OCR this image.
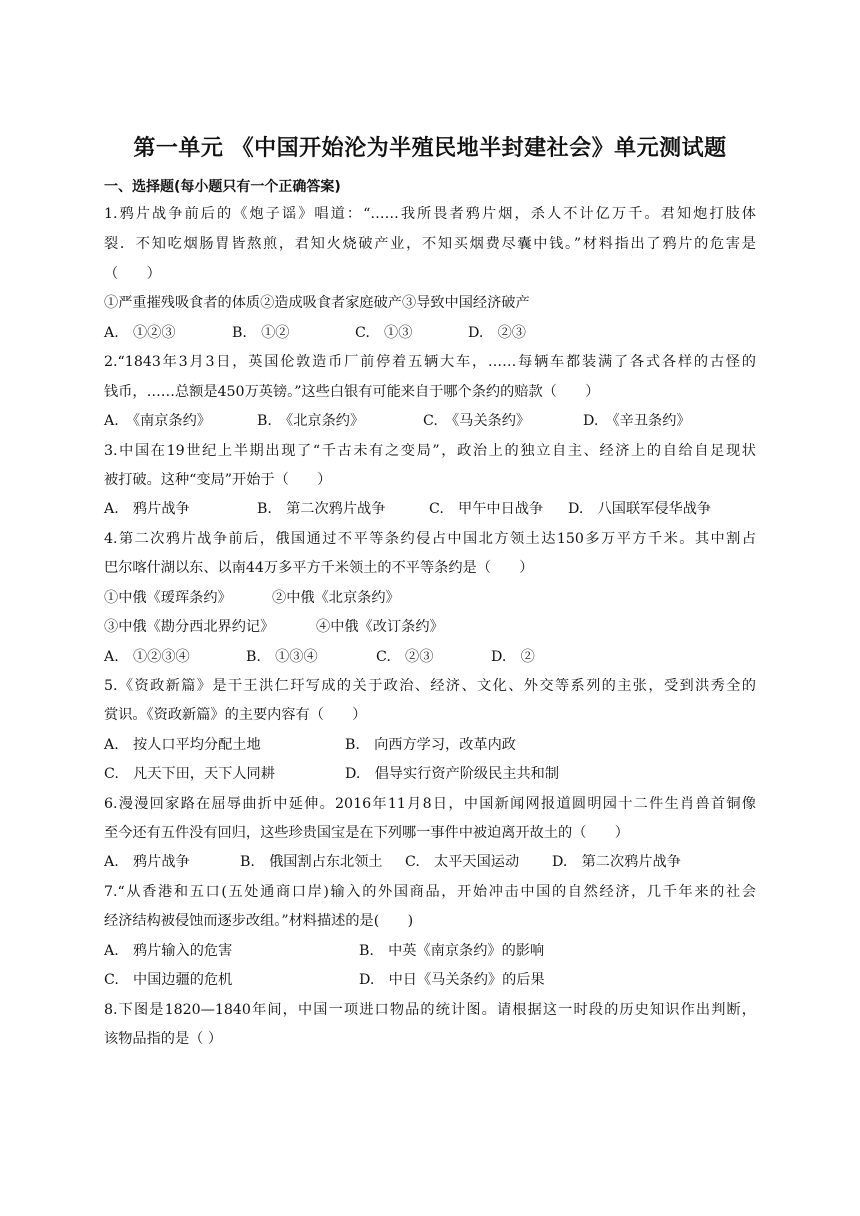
第一单元 《中国开始沦为半殖民地半封建社会》单元测试题
一、选择题(每小题只有一个正确答案)
1.鸦片战争前后的《炮子谣》唱道：“……我所畏者鸦片烟，杀人不计亿万千。君知炮打肢体
裂．不知吃烟肠胃皆熬煎，君知火烧破产业，不知买烟费尽囊中钱。”材料指出了鸦片的危害是
（　　）
①严重摧残吸食者的体质②造成吸食者家庭破产③导致中国经济破产
A.　①②③	B.　①②	C.　①③	D.　②③
2.“1843年3月3日，英国伦敦造币厂前停着五辆大车，……每辆车都装满了各式各样的古怪的
钱币，……总额是450万英镑。”这些白银有可能来自于哪个条约的赔款（　　）
A.　《南京条约》	B.　《北京条约》	C.　《马关条约》	D.　《辛丑条约》
3.中国在19世纪上半期出现了“千古未有之变局”，政治上的独立自主、经济上的自给自足现状
被打破。这种“变局”开始于（　　）
A.　鸦片战争	B.　第二次鸦片战争	C.　甲午中日战争 D.　八国联军侵华战争
4.第二次鸦片战争前后，俄国通过不平等条约侵占中国北方领土达150多万平方千米。其中割占
巴尔喀什湖以东、以南44万多平方千米领土的不平等条约是（　　）
①中俄《瑷珲条约》	②中俄《北京条约》
③中俄《勘分西北界约记》	④中俄《改订条约》
A.　①②③④	B.　①③④	C.　②③	D.　②
5.《资政新篇》是干王洪仁玕写成的关于政治、经济、文化、外交等系列的主张，受到洪秀全的
赏识。《资政新篇》的主要内容有（　　）
A.　按人口平均分配土地	B.　向西方学习，改革内政
C.　凡天下田，天下人同耕	D.　倡导实行资产阶级民主共和制
6.漫漫回家路在屈辱曲折中延伸。2016年11月8日，中国新闻网报道圆明园十二件生肖兽首铜像
至今还有五件没有回归，这些珍贵国宝是在下列哪一事件中被迫离开故土的（　　）
A.　鸦片战争	B.　俄国割占东北领土 C.　太平天国运动 D.　第二次鸦片战争
7.“从香港和五口(五处通商口岸)输入的外国商品，开始冲击中国的自然经济，几千年来的社会
经济结构被侵蚀而逐步改组。”材料描述的是(　　)
A.　鸦片输入的危害	B.　中英《南京条约》的影响
C.　中国边疆的危机	D.　中日《马关条约》的后果
8.下图是1820—1840年间，中国一项进口物品的统计图。请根据这一时段的历史知识作出判断，
该物品指的是（ ）
